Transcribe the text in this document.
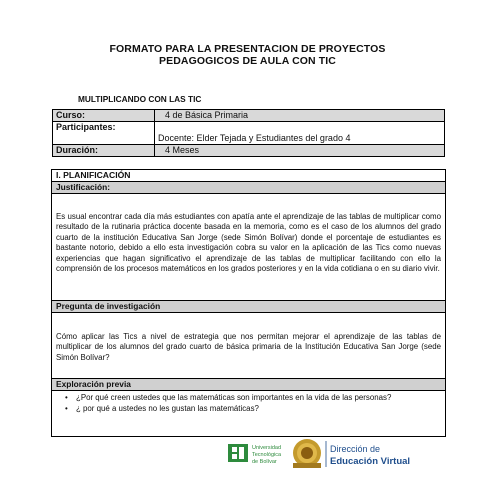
FORMATO PARA LA PRESENTACION DE PROYECTOS
PEDAGOGICOS DE AULA CON TIC
MULTIPLICANDO CON LAS TIC
Curso:	4 de Básica Primaria
Participantes:	Docente: Elder Tejada y Estudiantes del grado 4
Duración:	4 Meses
I. PLANIFICACIÓN
Justificación:

Es usual encontrar cada día más estudiantes con apatía ante el aprendizaje de las tablas de multiplicar como resultado de la rutinaria práctica docente basada en la memoria, como es el caso de los alumnos del grado cuarto de la institución Educativa San Jorge (sede Simón Bolívar) donde el porcentaje de estudiantes es bastante notorio, debido a ello esta investigación cobra su valor en la aplicación de las Tics como nuevas experiencias que hagan significativo el aprendizaje de las tablas de multiplicar facilitando con ello la comprensión de los procesos matemáticos en los grados posteriores y en la vida cotidiana o en su diario vivir.

Pregunta de investigación

Cómo aplicar las Tics a nivel de estrategia que nos permitan mejorar el aprendizaje de las tablas de multiplicar de los alumnos del grado cuarto de básica primaria de la Institución Educativa San Jorge (sede Simón Bolívar?

Exploración previa
• ¿Por qué creen ustedes que las matemáticas son importantes en la vida de las personas?
• ¿ por qué a ustedes no les gustan las matemáticas?
Universidad
Tecnológica
de Bolívar
Dirección de
Educación Virtual
